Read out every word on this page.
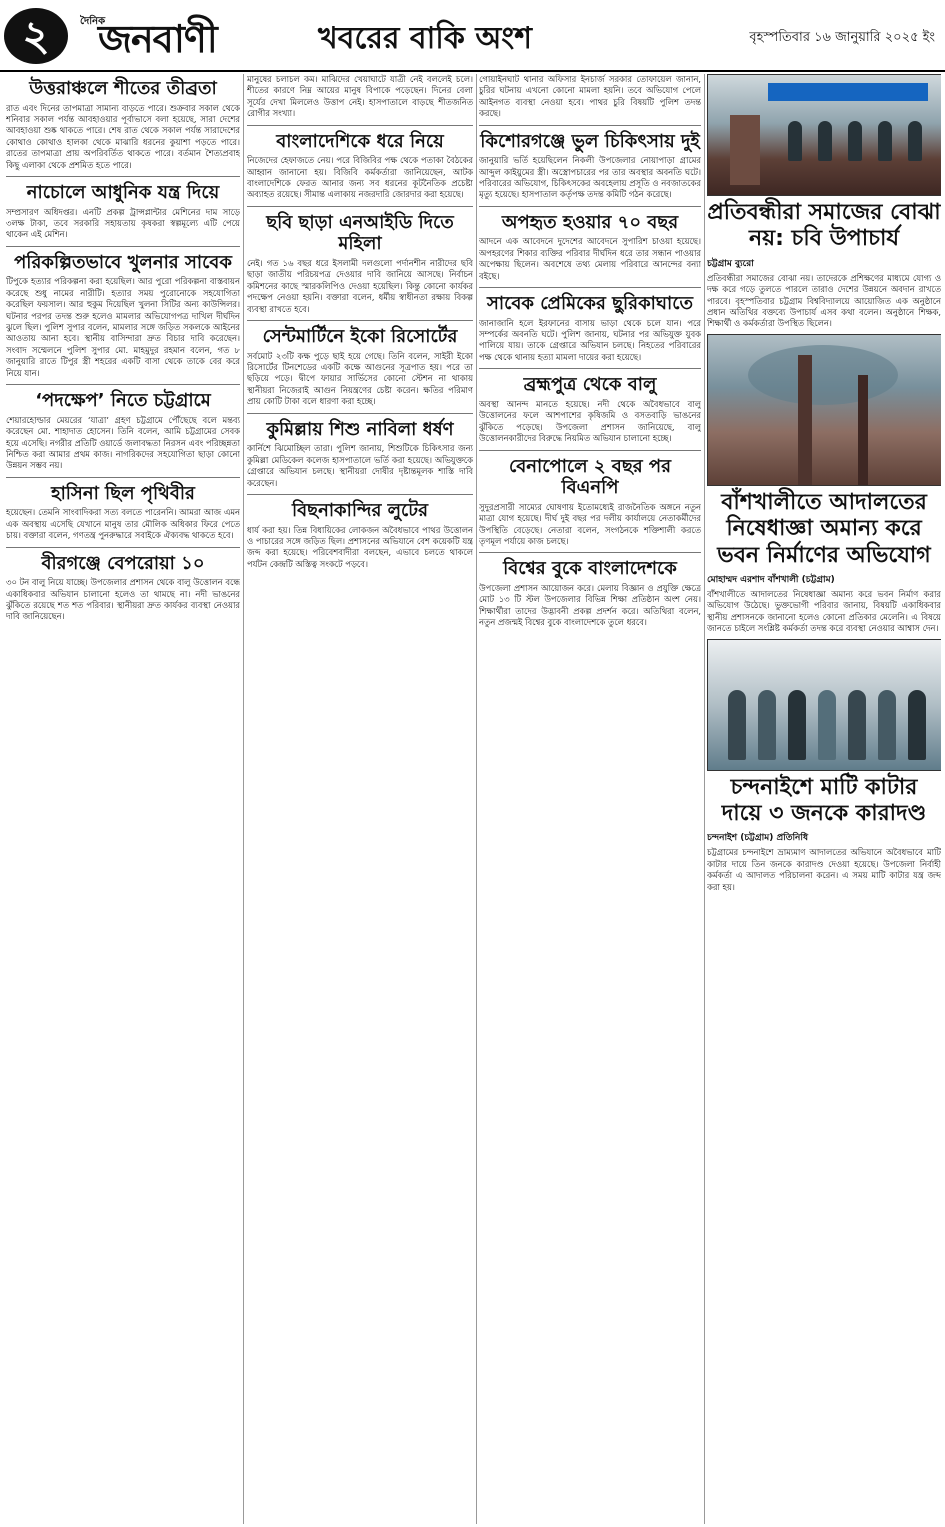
২	দৈনিক
জনবাণী	খবরের বাকি অংশ	বৃহস্পতিবার ১৬ জানুয়ারি ২০২৫ ইং
উত্তরাঞ্চলে শীতের তীব্রতা

রাত এবং দিনের তাপমাত্রা সামান্য বাড়তে পারে। শুক্রবার সকাল থেকে শনিবার সকাল পর্যন্ত আবহাওয়ার পূর্বাভাসে বলা হয়েছে, সারা দেশের আবহাওয়া শুষ্ক থাকতে পারে। শেষ রাত থেকে সকাল পর্যন্ত সারাদেশের কোথাও কোথাও হালকা থেকে মাঝারি ধরনের কুয়াশা পড়তে পারে। রাতের তাপমাত্রা প্রায় অপরিবর্তিত থাকতে পারে। বর্তমান শৈত্যপ্রবাহ কিছু এলাকা থেকে প্রশমিত হতে পারে।

নাচোলে আধুনিক যন্ত্র দিয়ে

সম্প্রসারণ অধিদপ্তর। এনটি প্রকল্প ট্রান্সপ্লান্টার মেশিনের দাম সাড়ে ৩লক্ষ টাকা, তবে সরকারি সহায়তায় কৃষকরা স্বল্পমূল্যে এটি পেয়ে থাকেন এই মেশিন।

পরিকল্পিতভাবে খুলনার সাবেক

টিপুকে হত্যার পরিকল্পনা করা হয়েছিল। আর পুরো পরিকল্পনা বাস্তবায়ন করেছে শুধু নামের নারীটি। হত্যার সময় পুরোনোকে সহযোগিতা করেছিল ফয়সাল। আর হুকুম দিয়েছিল খুলনা সিটির অন্য কাউন্সিলর। ঘটনার পরপর তদন্ত শুরু হলেও মামলার অভিযোগপত্র দাখিল দীর্ঘদিন ঝুলে ছিল। পুলিশ সুপার বলেন, মামলার সঙ্গে জড়িত সকলকে আইনের আওতায় আনা হবে। স্থানীয় বাসিন্দারা দ্রুত বিচার দাবি করেছেন। সংবাদ সম্মেলনে পুলিশ সুপার মো. মাহমুদুর রহমান বলেন, গত ৮ জানুয়ারি রাতে টিপুর স্ত্রী শহরের একটি বাসা থেকে তাকে বের করে নিয়ে যান।

‘পদক্ষেপ’ নিতে চট্টগ্রামে

শেয়ারহোল্ডার মেয়রের ‘যাত্রা’ গ্রহণ চট্টগ্রামে পৌঁছেছে বলে মন্তব্য করেছেন মো. শাহাদাত হোসেন। তিনি বলেন, আমি চট্টগ্রামের সেবক হয়ে এসেছি। নগরীর প্রতিটি ওয়ার্ডে জলাবদ্ধতা নিরসন এবং পরিচ্ছন্নতা নিশ্চিত করা আমার প্রথম কাজ। নাগরিকদের সহযোগিতা ছাড়া কোনো উন্নয়ন সম্ভব নয়।

হাসিনা ছিল পৃথিবীর

হয়েছেন। তেমনি সাংবাদিকরা সত্য বলতে পারেননি। আমরা আজ এমন এক অবস্থায় এসেছি যেখানে মানুষ তার মৌলিক অধিকার ফিরে পেতে চায়। বক্তারা বলেন, গণতন্ত্র পুনরুদ্ধারে সবাইকে ঐক্যবদ্ধ থাকতে হবে।

বীরগঞ্জে বেপরোয়া ১০

৩০ টন বালু নিয়ে যাচ্ছে। উপজেলার প্রশাসন থেকে বালু উত্তোলন বন্ধে একাধিকবার অভিযান চালানো হলেও তা থামছে না। নদী ভাঙনের ঝুঁকিতে রয়েছে শত শত পরিবার। স্থানীয়রা দ্রুত কার্যকর ব্যবস্থা নেওয়ার দাবি জানিয়েছেন।

মানুষের চলাচল কম। মাঝিদের খেয়াঘাটে যাত্রী নেই বললেই চলে। শীতের কারণে নিম্ন আয়ের মানুষ বিপাকে পড়েছেন। দিনের বেলা সূর্যের দেখা মিললেও উত্তাপ নেই। হাসপাতালে বাড়ছে শীতজনিত রোগীর সংখ্যা।

বাংলাদেশিকে ধরে নিয়ে

নিজেদের হেফাজতে নেয়। পরে বিজিবির পক্ষ থেকে পতাকা বৈঠকের আহ্বান জানানো হয়। বিজিবি কর্মকর্তারা জানিয়েছেন, আটক বাংলাদেশিকে ফেরত আনার জন্য সব ধরনের কূটনৈতিক প্রচেষ্টা অব্যাহত রয়েছে। সীমান্ত এলাকায় নজরদারি জোরদার করা হয়েছে।

ছবি ছাড়া এনআইডি দিতে মহিলা

নেই। গত ১৬ বছর ধরে ইসলামী দলগুলো পর্দানশীন নারীদের ছবি ছাড়া জাতীয় পরিচয়পত্র দেওয়ার দাবি জানিয়ে আসছে। নির্বাচন কমিশনের কাছে স্মারকলিপিও দেওয়া হয়েছিল। কিন্তু কোনো কার্যকর পদক্ষেপ নেওয়া হয়নি। বক্তারা বলেন, ধর্মীয় স্বাধীনতা রক্ষায় বিকল্প ব্যবস্থা রাখতে হবে।

সেন্টমার্টিনে ইকো রিসোর্টের

সর্বমোট ২৩টি কক্ষ পুড়ে ছাই হয়ে গেছে। তিনি বলেন, সাইরী ইকো রিসোর্টের টিনশেডের একটি কক্ষে আগুনের সূত্রপাত হয়। পরে তা ছড়িয়ে পড়ে। দ্বীপে ফায়ার সার্ভিসের কোনো স্টেশন না থাকায় স্থানীয়রা নিজেরাই আগুন নিয়ন্ত্রণের চেষ্টা করেন। ক্ষতির পরিমাণ প্রায় কোটি টাকা বলে ধারণা করা হচ্ছে।

কুমিল্লায় শিশু নাবিলা ধর্ষণ

কার্নিশে ঝিমোচ্ছিল তারা। পুলিশ জানায়, শিশুটিকে চিকিৎসার জন্য কুমিল্লা মেডিকেল কলেজ হাসপাতালে ভর্তি করা হয়েছে। অভিযুক্তকে গ্রেপ্তারে অভিযান চলছে। স্থানীয়রা দোষীর দৃষ্টান্তমূলক শাস্তি দাবি করেছেন।

বিছনাকান্দির লুটের

ধার্য করা হয়। তিন্ন বিধায়িকের লোকজন অবৈধভাবে পাথর উত্তোলন ও পাচারের সঙ্গে জড়িত ছিল। প্রশাসনের অভিযানে বেশ কয়েকটি যন্ত্র জব্দ করা হয়েছে। পরিবেশবাদীরা বলছেন, এভাবে চলতে থাকলে পর্যটন কেন্দ্রটি অস্তিত্ব সংকটে পড়বে।

গোয়াইনঘাট থানার অফিসার ইনচার্জ সরকার তোফায়েল জানান, চুরির ঘটনায় এখনো কোনো মামলা হয়নি। তবে অভিযোগ পেলে আইনগত ব্যবস্থা নেওয়া হবে। পাথর চুরি বিষয়টি পুলিশ তদন্ত করছে।

কিশোরগঞ্জে ভুল চিকিৎসায় দুই

জানুয়ারি ভর্তি হয়েছিলেন নিকলী উপজেলার নোয়াপাড়া গ্রামের আব্দুল কাইয়ুমের স্ত্রী। অস্ত্রোপচারের পর তার অবস্থার অবনতি ঘটে। পরিবারের অভিযোগ, চিকিৎসকের অবহেলায় প্রসূতি ও নবজাতকের মৃত্যু হয়েছে। হাসপাতাল কর্তৃপক্ষ তদন্ত কমিটি গঠন করেছে।

অপহৃত হওয়ার ৭০ বছর

আদনে এক আবেদনে দুদেশের আবেদনে সুপারিশ চাওয়া হয়েছে। অপহরণের শিকার ব্যক্তির পরিবার দীর্ঘদিন ধরে তার সন্ধান পাওয়ার অপেক্ষায় ছিলেন। অবশেষে তথ্য মেলায় পরিবারে আনন্দের বন্যা বইছে।

সাবেক প্রেমিকের ছুরিকাঘাতে

জানাজানি হলে ইরফানের বাসায় ভাড়া থেকে চলে যান। পরে সম্পর্কের অবনতি ঘটে। পুলিশ জানায়, ঘটনার পর অভিযুক্ত যুবক পালিয়ে যায়। তাকে গ্রেপ্তারে অভিযান চলছে। নিহতের পরিবারের পক্ষ থেকে থানায় হত্যা মামলা দায়ের করা হয়েছে।

ব্রহ্মপুত্র থেকে বালু

অবস্থা আনন্দ মানতে হয়েছে। নদী থেকে অবৈধভাবে বালু উত্তোলনের ফলে আশপাশের কৃষিজমি ও বসতবাড়ি ভাঙনের ঝুঁকিতে পড়েছে। উপজেলা প্রশাসন জানিয়েছে, বালু উত্তোলনকারীদের বিরুদ্ধে নিয়মিত অভিযান চালানো হচ্ছে।

বেনাপোলে ২ বছর পর বিএনপি

সুদুরপ্রসারী সাম্যের ঘোষণায় ইতোমধ্যেই রাজনৈতিক অঙ্গনে নতুন মাত্রা যোগ হয়েছে। দীর্ঘ দুই বছর পর দলীয় কার্যালয়ে নেতাকর্মীদের উপস্থিতি বেড়েছে। নেতারা বলেন, সংগঠনকে শক্তিশালী করতে তৃণমূল পর্যায়ে কাজ চলছে।

বিশ্বের বুকে বাংলাদেশকে

উপজেলা প্রশাসন আয়োজন করে। মেলায় বিজ্ঞান ও প্রযুক্তি ক্ষেত্রে মোট ১৩ টি স্টল উপজেলার বিভিন্ন শিক্ষা প্রতিষ্ঠান অংশ নেয়। শিক্ষার্থীরা তাদের উদ্ভাবনী প্রকল্প প্রদর্শন করে। অতিথিরা বলেন, নতুন প্রজন্মই বিশ্বের বুকে বাংলাদেশকে তুলে ধরবে।

প্রতিবন্ধীরা সমাজের বোঝা নয়: চবি উপাচার্য
চট্টগ্রাম ব্যুরো

প্রতিবন্ধীরা সমাজের বোঝা নয়। তাদেরকে প্রশিক্ষণের মাধ্যমে যোগ্য ও দক্ষ করে গড়ে তুলতে পারলে তারাও দেশের উন্নয়নে অবদান রাখতে পারবে। বৃহস্পতিবার চট্টগ্রাম বিশ্ববিদ্যালয়ে আয়োজিত এক অনুষ্ঠানে প্রধান অতিথির বক্তব্যে উপাচার্য এসব কথা বলেন। অনুষ্ঠানে শিক্ষক, শিক্ষার্থী ও কর্মকর্তারা উপস্থিত ছিলেন।

বাঁশখালীতে আদালতের নিষেধাজ্ঞা অমান্য করে ভবন নির্মাণের অভিযোগ
মোহাম্মদ এরশাদ বাঁশখালী (চট্টগ্রাম)

বাঁশখালীতে আদালতের নিষেধাজ্ঞা অমান্য করে ভবন নির্মাণ করার অভিযোগ উঠেছে। ভুক্তভোগী পরিবার জানায়, বিষয়টি একাধিকবার স্থানীয় প্রশাসনকে জানানো হলেও কোনো প্রতিকার মেলেনি। এ বিষয়ে জানতে চাইলে সংশ্লিষ্ট কর্মকর্তা তদন্ত করে ব্যবস্থা নেওয়ার আশ্বাস দেন।

চন্দনাইশে মাটি কাটার দায়ে ৩ জনকে কারাদণ্ড
চন্দনাইশ (চট্টগ্রাম) প্রতিনিধি

চট্টগ্রামের চন্দনাইশে ভ্রাম্যমাণ আদালতের অভিযানে অবৈধভাবে মাটি কাটার দায়ে তিন জনকে কারাদণ্ড দেওয়া হয়েছে। উপজেলা নির্বাহী কর্মকর্তা এ আদালত পরিচালনা করেন। এ সময় মাটি কাটার যন্ত্র জব্দ করা হয়।
